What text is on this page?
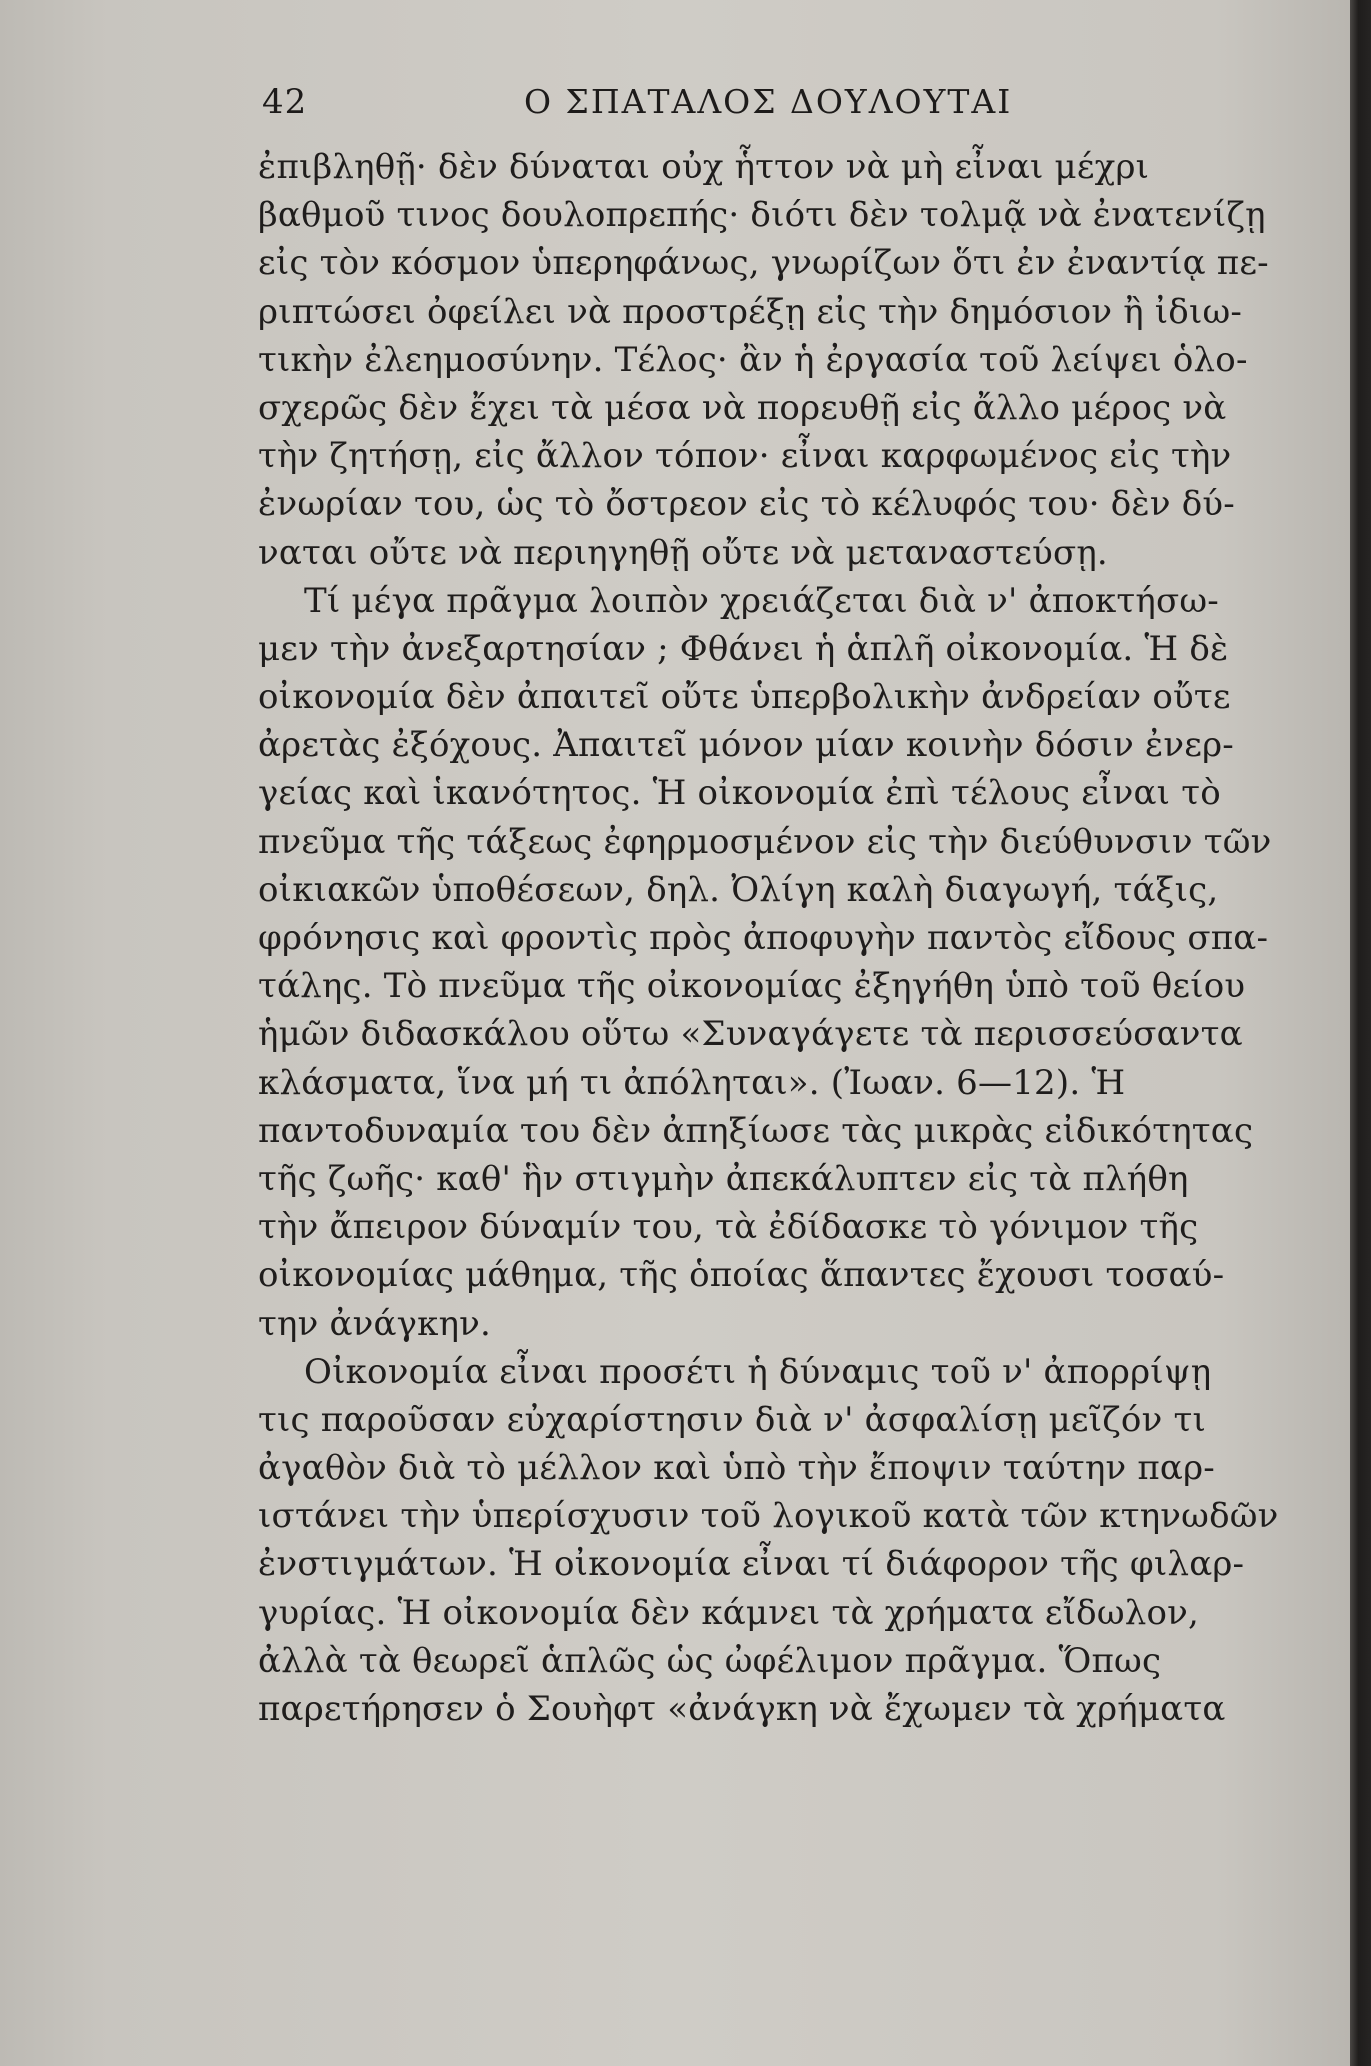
42	Ο ΣΠΑΤΑΛΟΣ ΔΟΥΛΟΥΤΑΙ
ἐπιβληθῇ· δὲν δύναται οὐχ ἧττον νὰ μὴ εἶναι μέχρι
βαθμοῦ τινος δουλοπρεπής· διότι δὲν τολμᾷ νὰ ἐνατενίζῃ
εἰς τὸν κόσμον ὑπερηφάνως, γνωρίζων ὅτι ἐν ἐναντίᾳ πε-
ριπτώσει ὀφείλει νὰ προστρέξῃ εἰς τὴν δημόσιον ἢ ἰδιω-
τικὴν ἐλεημοσύνην. Τέλος· ἂν ἡ ἐργασία τοῦ λείψει ὁλο-
σχερῶς δὲν ἔχει τὰ μέσα νὰ πορευθῇ εἰς ἄλλο μέρος νὰ
τὴν ζητήσῃ, εἰς ἄλλον τόπον· εἶναι καρφωμένος εἰς τὴν
ἐνωρίαν του, ὡς τὸ ὄστρεον εἰς τὸ κέλυφός του· δὲν δύ-
ναται οὔτε νὰ περιηγηθῇ οὔτε νὰ μεταναστεύσῃ.
Τί μέγα πρᾶγμα λοιπὸν χρειάζεται διὰ ν' ἀποκτήσω-
μεν τὴν ἀνεξαρτησίαν ; Φθάνει ἡ ἁπλῆ οἰκονομία. Ἡ δὲ
οἰκονομία δὲν ἀπαιτεῖ οὔτε ὑπερβολικὴν ἀνδρείαν οὔτε
ἀρετὰς ἐξόχους. Ἀπαιτεῖ μόνον μίαν κοινὴν δόσιν ἐνερ-
γείας καὶ ἱκανότητος. Ἡ οἰκονομία ἐπὶ τέλους εἶναι τὸ
πνεῦμα τῆς τάξεως ἐφηρμοσμένον εἰς τὴν διεύθυνσιν τῶν
οἰκιακῶν ὑποθέσεων, δηλ. Ὀλίγη καλὴ διαγωγή, τάξις,
φρόνησις καὶ φροντὶς πρὸς ἀποφυγὴν παντὸς εἴδους σπα-
τάλης. Τὸ πνεῦμα τῆς οἰκονομίας ἐξηγήθη ὑπὸ τοῦ θείου
ἡμῶν διδασκάλου οὕτω «Συναγάγετε τὰ περισσεύσαντα
κλάσματα, ἵνα μή τι ἀπόληται». (Ἰωαν. 6—12). Ἡ
παντοδυναμία του δὲν ἀπηξίωσε τὰς μικρὰς εἰδικότητας
τῆς ζωῆς· καθ' ἣν στιγμὴν ἀπεκάλυπτεν εἰς τὰ πλήθη
τὴν ἄπειρον δύναμίν του, τὰ ἐδίδασκε τὸ γόνιμον τῆς
οἰκονομίας μάθημα, τῆς ὁποίας ἅπαντες ἔχουσι τοσαύ-
την ἀνάγκην.
Οἰκονομία εἶναι προσέτι ἡ δύναμις τοῦ ν' ἀπορρίψῃ
τις παροῦσαν εὐχαρίστησιν διὰ ν' ἀσφαλίσῃ μεῖζόν τι
ἀγαθὸν διὰ τὸ μέλλον καὶ ὑπὸ τὴν ἔποψιν ταύτην παρ-
ιστάνει τὴν ὑπερίσχυσιν τοῦ λογικοῦ κατὰ τῶν κτηνωδῶν
ἐνστιγμάτων. Ἡ οἰκονομία εἶναι τί διάφορον τῆς φιλαρ-
γυρίας. Ἡ οἰκονομία δὲν κάμνει τὰ χρήματα εἴδωλον,
ἀλλὰ τὰ θεωρεῖ ἁπλῶς ὡς ὠφέλιμον πρᾶγμα. Ὅπως
παρετήρησεν ὁ Σουὴφτ «ἀνάγκη νὰ ἔχωμεν τὰ χρήματα
